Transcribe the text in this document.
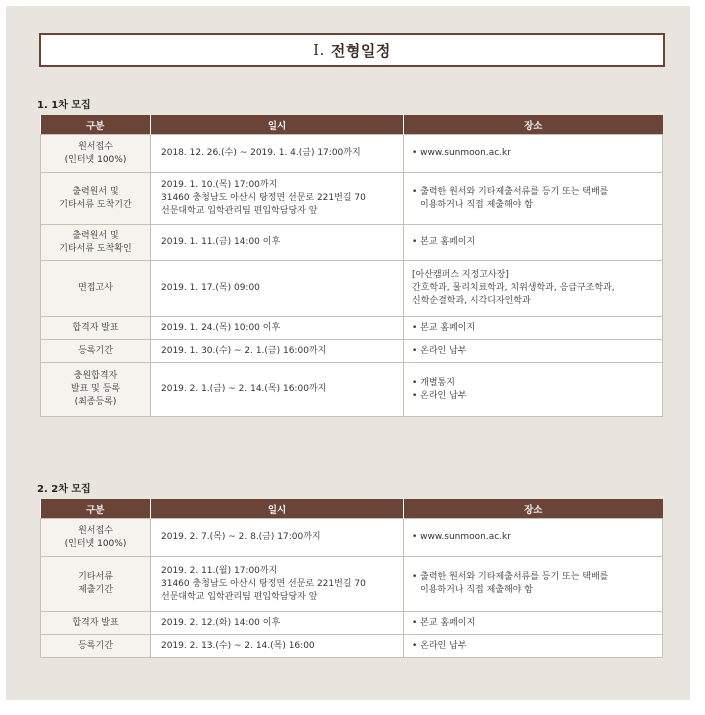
Ⅰ. 전형일정
1. 1차 모집
구분	일시	장소

원서접수
(인터넷 100%)	2018. 12. 26.(수) ~ 2019. 1. 4.(금) 17:00까지	• www.sunmoon.ac.kr

출력원서 및
기타서류 도착기간	2019. 1. 10.(목) 17:00까지
31460 충청남도 아산시 탕정면 선문로 221번길 70
선문대학교 입학관리팀 편입학담당자 앞	• 출력한 원서와 기타제출서류를 등기 또는 택배를
이용하거나 직접 제출해야 함

출력원서 및
기타서류 도착확인	2019. 1. 11.(금) 14:00 이후	• 본교 홈페이지

면접고사	2019. 1. 17.(목) 09:00	[아산캠퍼스 지정고사장]
간호학과, 물리치료학과, 치위생학과, 응급구조학과,
신학순결학과, 시각디자인학과

합격자 발표	2019. 1. 24.(목) 10:00 이후	• 본교 홈페이지

등록기간	2019. 1. 30.(수) ~ 2. 1.(금) 16:00까지	• 온라인 납부

충원합격자
발표 및 등록
(최종등록)	2019. 2. 1.(금) ~ 2. 14.(목) 16:00까지	• 개별통지
• 온라인 납부
2. 2차 모집
구분	일시	장소

원서접수
(인터넷 100%)	2019. 2. 7.(목) ~ 2. 8.(금) 17:00까지	• www.sunmoon.ac.kr

기타서류
제출기간	2019. 2. 11.(월) 17:00까지
31460 충청남도 아산시 탕정면 선문로 221번길 70
선문대학교 입학관리팀 편입학담당자 앞	• 출력한 원서와 기타제출서류를 등기 또는 택배를
이용하거나 직접 제출해야 함

합격자 발표	2019. 2. 12.(화) 14:00 이후	• 본교 홈페이지

등록기간	2019. 2. 13.(수) ~ 2. 14.(목) 16:00	• 온라인 납부
